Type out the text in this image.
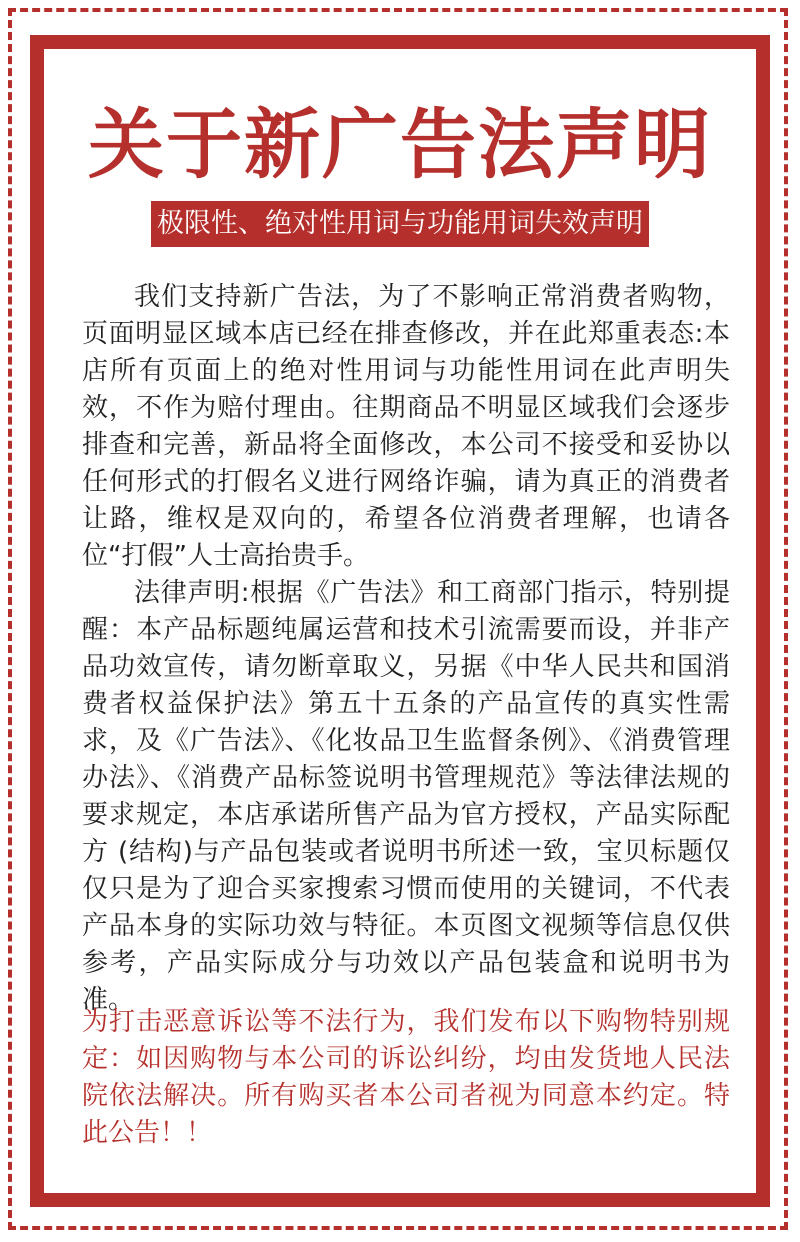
关于新广告法声明
极限性、绝对性用词与功能用词失效声明

我们支持新广告法，为了不影响正常消费者购物，页面明显区域本店已经在排查修改，并在此郑重表态:本店所有页面上的绝对性用词与功能性用词在此声明失效，不作为赔付理由。往期商品不明显区域我们会逐步排查和完善，新品将全面修改，本公司不接受和妥协以任何形式的打假名义进行网络诈骗，请为真正的消费者让路，维权是双向的，希望各位消费者理解，也请各位“打假”人士高抬贵手。

法律声明:根据《广告法》和工商部门指示，特别提醒：本产品标题纯属运营和技术引流需要而设，并非产品功效宣传，请勿断章取义，另据《中华人民共和国消费者权益保护法》第五十五条的产品宣传的真实性需求，及《广告法》、《化妆品卫生监督条例》、《消费管理办法》、《消费产品标签说明书管理规范》等法律法规的要求规定，本店承诺所售产品为官方授权，产品实际配方 (结构)与产品包装或者说明书所述一致，宝贝标题仅仅只是为了迎合买家搜索习惯而使用的关键词，不代表产品本身的实际功效与特征。本页图文视频等信息仅供参考，产品实际成分与功效以产品包装盒和说明书为准。

为打击恶意诉讼等不法行为，我们发布以下购物特别规定：如因购物与本公司的诉讼纠纷，均由发货地人民法院依法解决。所有购买者本公司者视为同意本约定。特此公告！！
